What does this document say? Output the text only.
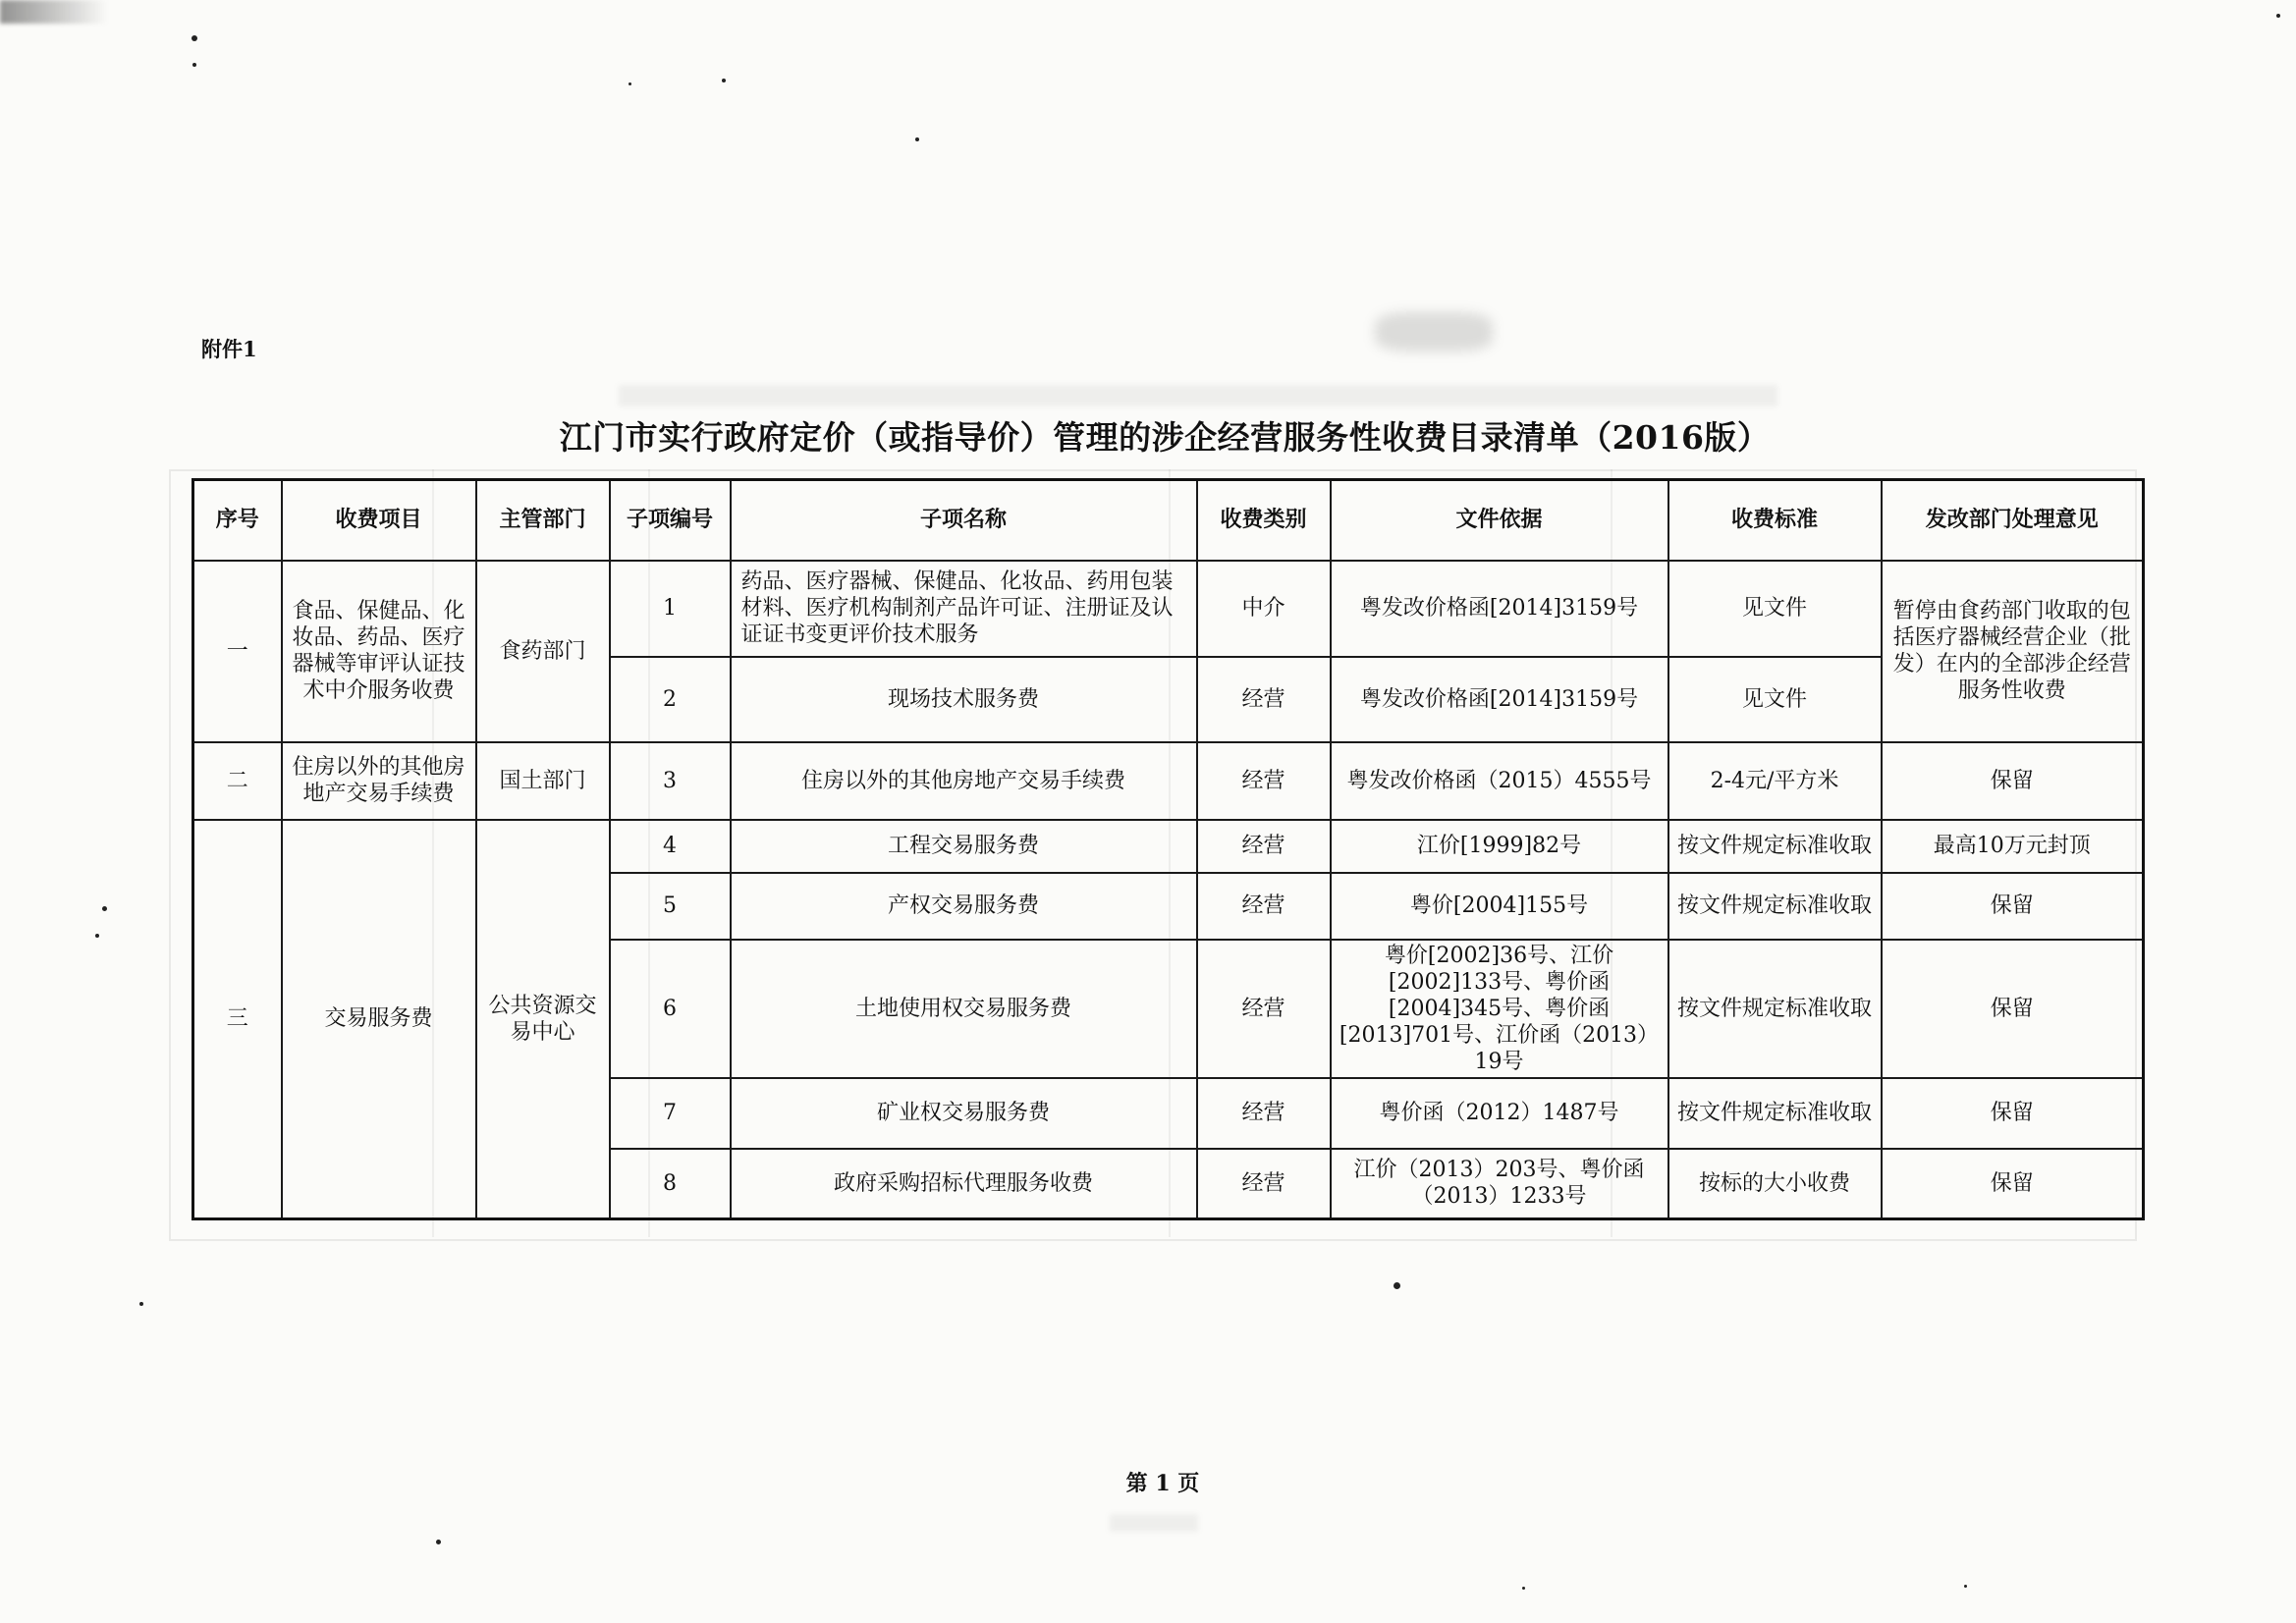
附件1
江门市实行政府定价（或指导价）管理的涉企经营服务性收费目录清单（2016版）
序号	收费项目	主管部门	子项编号	子项名称	收费类别	文件依据	收费标准	发改部门处理意见
一	食品、保健品、化妆品、药品、医疗器械等审评认证技术中介服务收费	食药部门	1	药品、医疗器械、保健品、化妆品、药用包装材料、医疗机构制剂产品许可证、注册证及认证证书变更评价技术服务	中介	粤发改价格函[2014]3159号	见文件	暂停由食药部门收取的包括医疗器械经营企业（批发）在内的全部涉企经营服务性收费
			2	现场技术服务费	经营	粤发改价格函[2014]3159号	见文件	
二	住房以外的其他房地产交易手续费	国土部门	3	住房以外的其他房地产交易手续费	经营	粤发改价格函（2015）4555号	2-4元/平方米	保留
三	交易服务费	公共资源交易中心	4	工程交易服务费	经营	江价[1999]82号	按文件规定标准收取	最高10万元封顶
			5	产权交易服务费	经营	粤价[2004]155号	按文件规定标准收取	保留
			6	土地使用权交易服务费	经营	粤价[2002]36号、江价[2002]133号、粤价函[2004]345号、粤价函[2013]701号、江价函（2013）19号	按文件规定标准收取	保留
			7	矿业权交易服务费	经营	粤价函（2012）1487号	按文件规定标准收取	保留
			8	政府采购招标代理服务收费	经营	江价（2013）203号、粤价函（2013）1233号	按标的大小收费	保留
第 1 页
